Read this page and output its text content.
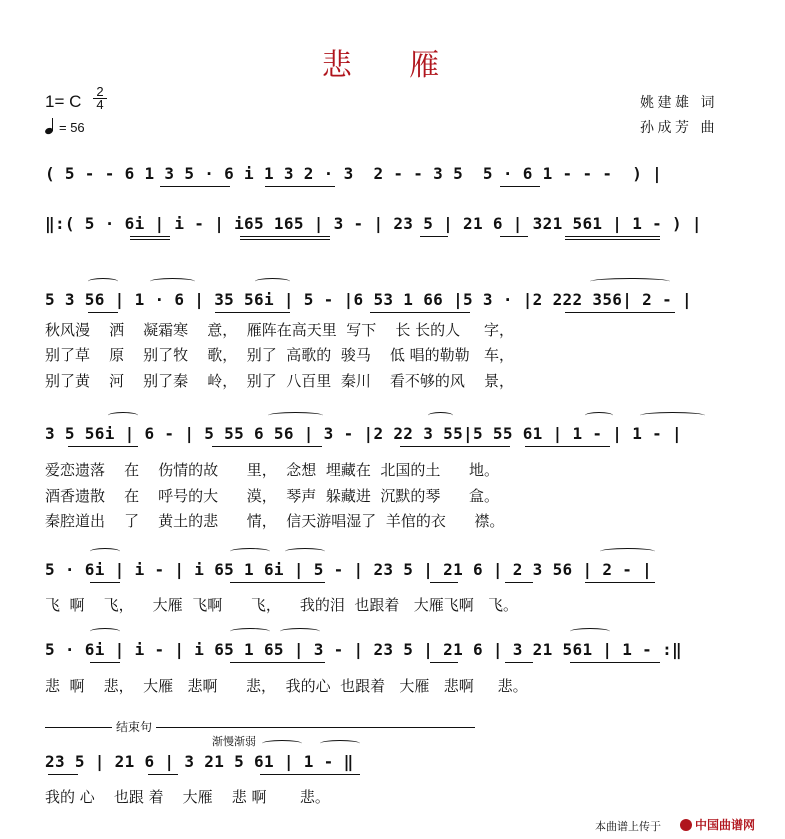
悲 雁
1= C $\frac{2}{4}$
= 56
姚建雄 词
孙成芳 曲
( 5 - - 6 1 3 5 · 6 i 1 3 2 · 3  2 - - 3 5  5 · 6 1 - - -  ) |
‖:( 5 · 6i | i - | i65 165 | 3 - | 23 5 | 21 6 | 321 561 | 1 - ) |
5 3 56 | 1 · 6 | 35 56i | 5 - |6 53 1 66 |5 3 · |2 222 356| 2 - |
秋风漫    洒    凝霜寒    意，  雁阵在高天里  写下    长 长的人     字，
别了草    原    别了牧    歌，  别了  高歌的  骏马    低 唱的勒勒   车，
别了黄    河    别了秦    岭，  别了  八百里  秦川    看不够的风    景，
3 5 56i | 6 - | 5 55 6 56 | 3 - |2 22 3 55|5 55 61 | 1 - | 1 - |
爱恋遗落    在    伤情的故      里，  念想  埋藏在  北国的土      地。
酒香遗散    在    呼号的大      漠，  琴声  躲藏进  沉默的琴      盒。
秦腔道出    了    黄土的悲      情，  信天游唱湿了  羊倌的衣      襟。
5 · 6i | i - | i 65 1 6i | 5 - | 23 5 | 21 6 | 2 3 56 | 2 - |
飞  啊    飞，    大雁  飞啊      飞，    我的泪  也跟着   大雁飞啊   飞。
5 · 6i | i - | i 65 1 65 | 3 - | 23 5 | 21 6 | 3 21 561 | 1 - :‖
悲  啊    悲，  大雁   悲啊      悲，  我的心  也跟着   大雁   悲啊     悲。
结束句
渐慢渐弱
23 5 | 21 6 | 3 21 5 61 | 1 - ‖
我的 心    也跟 着    大雁    悲 啊       悲。
本曲谱上传于	中国曲谱网
